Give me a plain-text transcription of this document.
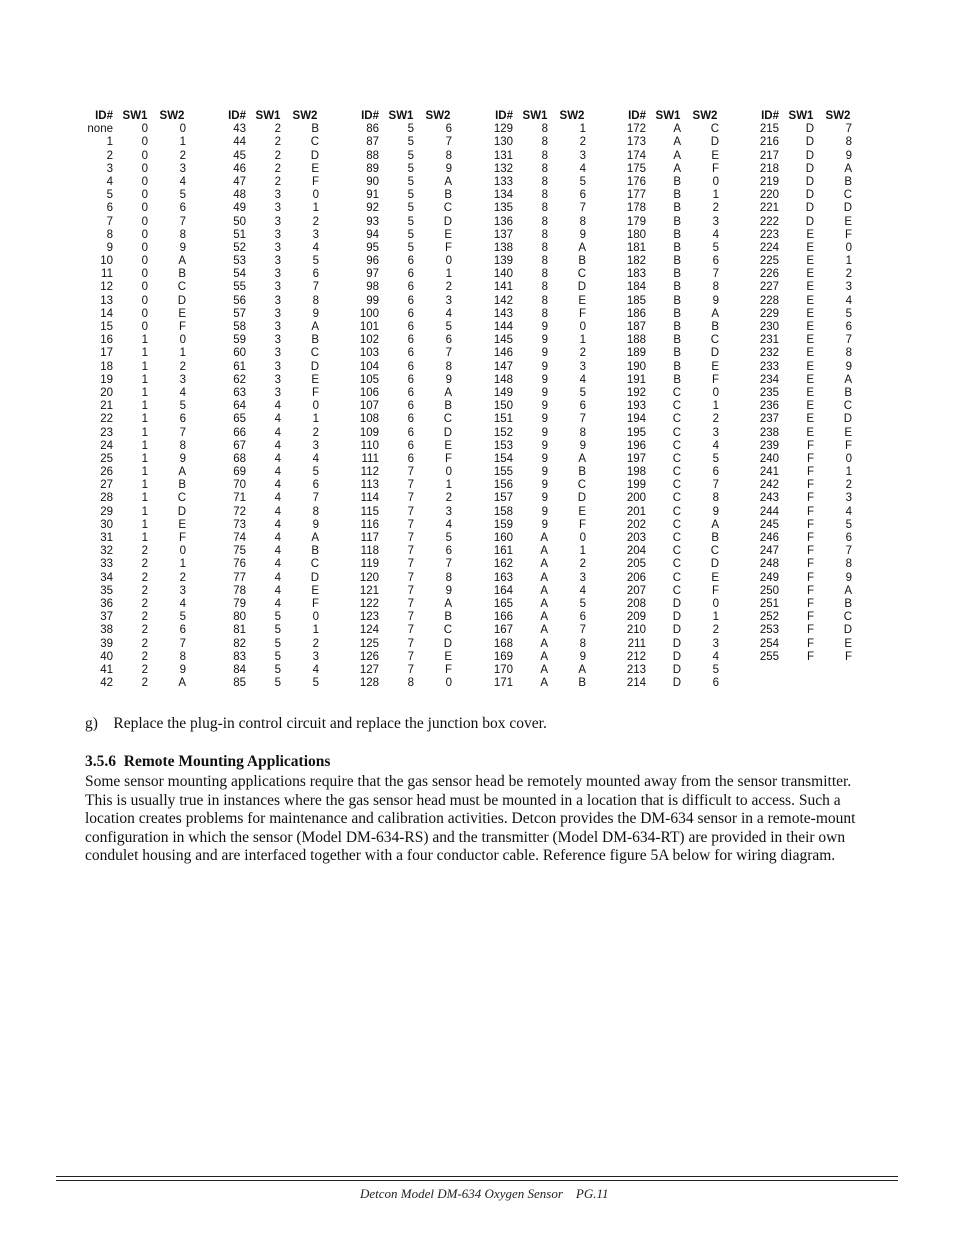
ID# SW1	SW2
none	0	0
1	0	1
2	0	2
3	0	3
4	0	4
5	0	5
6	0	6
7	0	7
8	0	8
9	0	9
10	0	A
11	0	B
12	0	C
13	0	D
14	0	E
15	0	F
16	1	0
17	1	1
18	1	2
19	1	3
20	1	4
21	1	5
22	1	6
23	1	7
24	1	8
25	1	9
26	1	A
27	1	B
28	1	C
29	1	D
30	1	E
31	1	F
32	2	0
33	2	1
34	2	2
35	2	3
36	2	4
37	2	5
38	2	6
39	2	7
40	2	8
41	2	9
42	2	A
ID# SW1	SW2
43	2	B
44	2	C
45	2	D
46	2	E
47	2	F
48	3	0
49	3	1
50	3	2
51	3	3
52	3	4
53	3	5
54	3	6
55	3	7
56	3	8
57	3	9
58	3	A
59	3	B
60	3	C
61	3	D
62	3	E
63	3	F
64	4	0
65	4	1
66	4	2
67	4	3
68	4	4
69	4	5
70	4	6
71	4	7
72	4	8
73	4	9
74	4	A
75	4	B
76	4	C
77	4	D
78	4	E
79	4	F
80	5	0
81	5	1
82	5	2
83	5	3
84	5	4
85	5	5
ID# SW1	SW2
86	5	6
87	5	7
88	5	8
89	5	9
90	5	A
91	5	B
92	5	C
93	5	D
94	5	E
95	5	F
96	6	0
97	6	1
98	6	2
99	6	3
100	6	4
101	6	5
102	6	6
103	6	7
104	6	8
105	6	9
106	6	A
107	6	B
108	6	C
109	6	D
110	6	E
111	6	F
112	7	0
113	7	1
114	7	2
115	7	3
116	7	4
117	7	5
118	7	6
119	7	7
120	7	8
121	7	9
122	7	A
123	7	B
124	7	C
125	7	D
126	7	E
127	7	F
128	8	0
ID# SW1	SW2
129	8	1
130	8	2
131	8	3
132	8	4
133	8	5
134	8	6
135	8	7
136	8	8
137	8	9
138	8	A
139	8	B
140	8	C
141	8	D
142	8	E
143	8	F
144	9	0
145	9	1
146	9	2
147	9	3
148	9	4
149	9	5
150	9	6
151	9	7
152	9	8
153	9	9
154	9	A
155	9	B
156	9	C
157	9	D
158	9	E
159	9	F
160	A	0
161	A	1
162	A	2
163	A	3
164	A	4
165	A	5
166	A	6
167	A	7
168	A	8
169	A	9
170	A	A
171	A	B
ID# SW1	SW2
172	A	C
173	A	D
174	A	E
175	A	F
176	B	0
177	B	1
178	B	2
179	B	3
180	B	4
181	B	5
182	B	6
183	B	7
184	B	8
185	B	9
186	B	A
187	B	B
188	B	C
189	B	D
190	B	E
191	B	F
192	C	0
193	C	1
194	C	2
195	C	3
196	C	4
197	C	5
198	C	6
199	C	7
200	C	8
201	C	9
202	C	A
203	C	B
204	C	C
205	C	D
206	C	E
207	C	F
208	D	0
209	D	1
210	D	2
211	D	3
212	D	4
213	D	5
214	D	6
ID# SW1	SW2
215	D	7
216	D	8
217	D	9
218	D	A
219	D	B
220	D	C
221	D	D
222	D	E
223	E	F
224	E	0
225	E	1
226	E	2
227	E	3
228	E	4
229	E	5
230	E	6
231	E	7
232	E	8
233	E	9
234	E	A
235	E	B
236	E	C
237	E	D
238	E	E
239	F	F
240	F	0
241	F	1
242	F	2
243	F	3
244	F	4
245	F	5
246	F	6
247	F	7
248	F	8
249	F	9
250	F	A
251	F	B
252	F	C
253	F	D
254	F	E
255	F	F
g) Replace the plug-in control circuit and replace the junction box cover.
3.5.6 Remote Mounting Applications
Some sensor mounting applications require that the gas sensor head be remotely mounted away from the sensor transmitter. This is usually true in instances where the gas sensor head must be mounted in a location that is difficult to access. Such a location creates problems for maintenance and calibration activities. Detcon provides the DM-634 sensor in a remote-mount configuration in which the sensor (Model DM-634-RS) and the transmitter (Model DM-634-RT) are provided in their own condulet housing and are interfaced together with a four conductor cable. Reference figure 5A below for wiring diagram.
Detcon Model DM-634 Oxygen Sensor PG.11
